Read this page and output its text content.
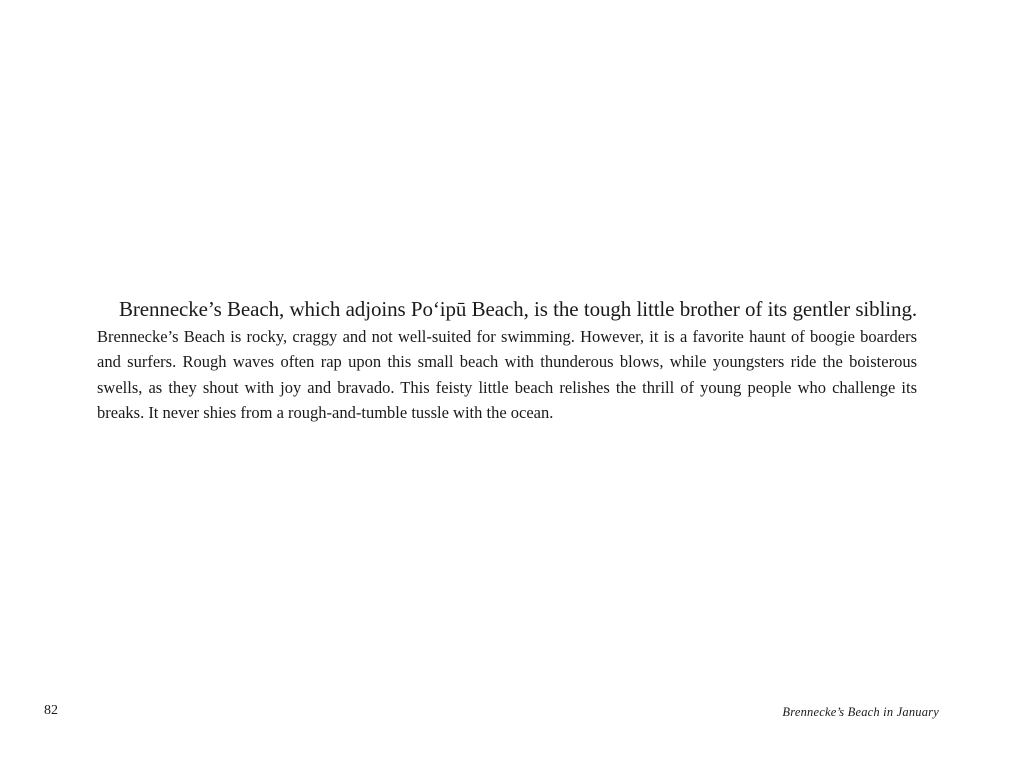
Brennecke’s Beach, which adjoins Po‘ipū Beach, is the tough little brother of its gentler sibling. Brennecke’s Beach is rocky, craggy and not well-suited for swimming. However, it is a favorite haunt of boogie boarders and surfers. Rough waves often rap upon this small beach with thunderous blows, while youngsters ride the boisterous swells, as they shout with joy and bravado. This feisty little beach relishes the thrill of young people who challenge its breaks. It never shies from a rough-and-tumble tussle with the ocean.

82	Brennecke’s Beach in January
